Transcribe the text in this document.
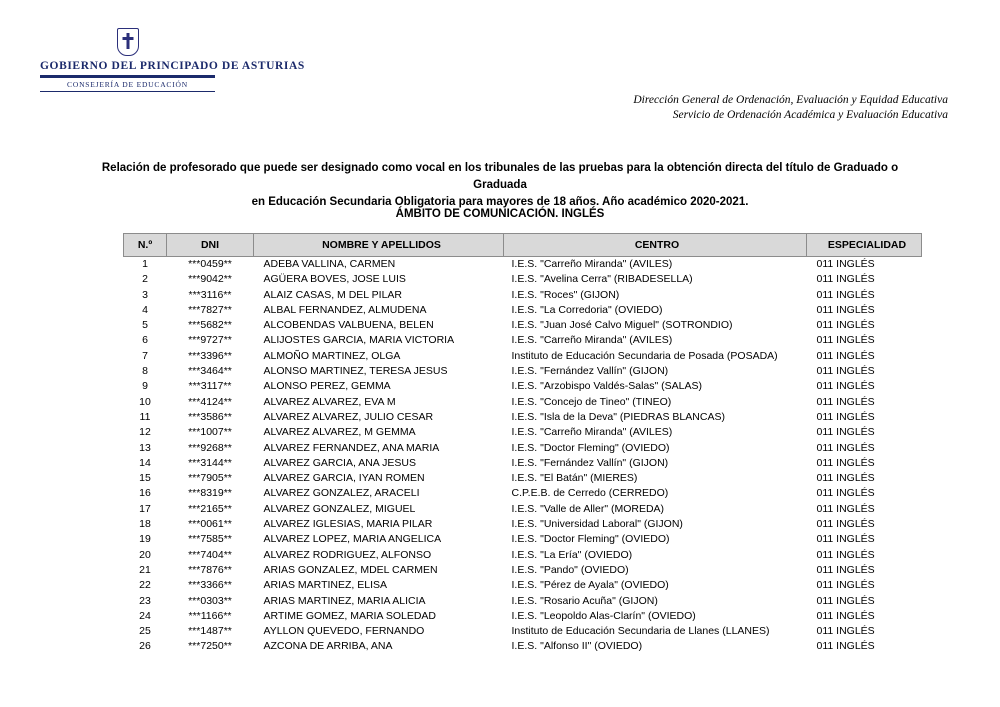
GOBIERNO DEL PRINCIPADO DE ASTURIAS
CONSEJERÍA DE EDUCACIÓN
Dirección General de Ordenación, Evaluación y Equidad Educativa
Servicio de Ordenación Académica y Evaluación Educativa
Relación de profesorado que puede ser designado como vocal en los tribunales de las pruebas para la obtención directa del título de Graduado o Graduada
en Educación Secundaria Obligatoria para mayores de 18 años. Año académico 2020-2021.
ÁMBITO DE COMUNICACIÓN. INGLÉS
N.º	DNI	NOMBRE Y APELLIDOS	CENTRO	ESPECIALIDAD
1	***0459**	ADEBA VALLINA, CARMEN	I.E.S. "Carreño Miranda" (AVILES)	011 INGLÉS
2	***9042**	AGÜERA BOVES, JOSE LUIS	I.E.S. "Avelina Cerra" (RIBADESELLA)	011 INGLÉS
3	***3116**	ALAIZ CASAS, M DEL PILAR	I.E.S. "Roces" (GIJON)	011 INGLÉS
4	***7827**	ALBAL FERNANDEZ, ALMUDENA	I.E.S. "La Corredoria" (OVIEDO)	011 INGLÉS
5	***5682**	ALCOBENDAS VALBUENA, BELEN	I.E.S. "Juan José Calvo Miguel" (SOTRONDIO)	011 INGLÉS
6	***9727**	ALIJOSTES GARCIA, MARIA VICTORIA	I.E.S. "Carreño Miranda" (AVILES)	011 INGLÉS
7	***3396**	ALMOÑO MARTINEZ, OLGA	Instituto de Educación Secundaria de Posada (POSADA)	011 INGLÉS
8	***3464**	ALONSO MARTINEZ, TERESA JESUS	I.E.S. "Fernández Vallín" (GIJON)	011 INGLÉS
9	***3117**	ALONSO PEREZ, GEMMA	I.E.S. "Arzobispo Valdés-Salas" (SALAS)	011 INGLÉS
10	***4124**	ALVAREZ ALVAREZ, EVA M	I.E.S. "Concejo de Tineo" (TINEO)	011 INGLÉS
11	***3586**	ALVAREZ ALVAREZ, JULIO CESAR	I.E.S. "Isla de la Deva" (PIEDRAS BLANCAS)	011 INGLÉS
12	***1007**	ALVAREZ ALVAREZ, M GEMMA	I.E.S. "Carreño Miranda" (AVILES)	011 INGLÉS
13	***9268**	ALVAREZ FERNANDEZ, ANA MARIA	I.E.S. "Doctor Fleming" (OVIEDO)	011 INGLÉS
14	***3144**	ALVAREZ GARCIA, ANA JESUS	I.E.S. "Fernández Vallín" (GIJON)	011 INGLÉS
15	***7905**	ALVAREZ GARCIA, IYAN ROMEN	I.E.S. "El Batán" (MIERES)	011 INGLÉS
16	***8319**	ALVAREZ GONZALEZ, ARACELI	C.P.E.B. de Cerredo (CERREDO)	011 INGLÉS
17	***2165**	ALVAREZ GONZALEZ, MIGUEL	I.E.S. "Valle de Aller" (MOREDA)	011 INGLÉS
18	***0061**	ALVAREZ IGLESIAS, MARIA PILAR	I.E.S. "Universidad Laboral" (GIJON)	011 INGLÉS
19	***7585**	ALVAREZ LOPEZ, MARIA ANGELICA	I.E.S. "Doctor Fleming" (OVIEDO)	011 INGLÉS
20	***7404**	ALVAREZ RODRIGUEZ, ALFONSO	I.E.S. "La Ería" (OVIEDO)	011 INGLÉS
21	***7876**	ARIAS GONZALEZ, MDEL CARMEN	I.E.S. "Pando" (OVIEDO)	011 INGLÉS
22	***3366**	ARIAS MARTINEZ, ELISA	I.E.S. "Pérez de Ayala" (OVIEDO)	011 INGLÉS
23	***0303**	ARIAS MARTINEZ, MARIA ALICIA	I.E.S. "Rosario Acuña" (GIJON)	011 INGLÉS
24	***1166**	ARTIME GOMEZ, MARIA SOLEDAD	I.E.S. "Leopoldo Alas-Clarín" (OVIEDO)	011 INGLÉS
25	***1487**	AYLLON QUEVEDO, FERNANDO	Instituto de Educación Secundaria de Llanes (LLANES)	011 INGLÉS
26	***7250**	AZCONA DE ARRIBA, ANA	I.E.S. "Alfonso II" (OVIEDO)	011 INGLÉS
